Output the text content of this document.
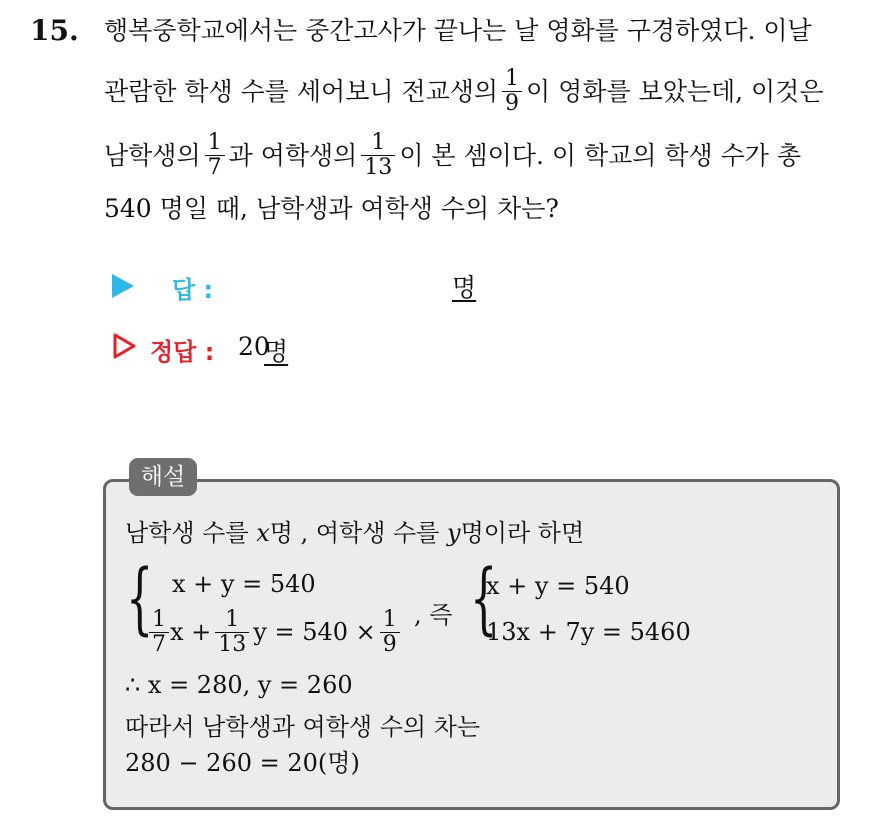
15. 행복중학교에서는 중간고사가 끝나는 날 영화를 구경하였다. 이날
관람한 학생 수를 세어보니 전교생의 $\frac{1}{9}$ 이 영화를 보았는데, 이것은
남학생의 $\frac{1}{7}$ 과 여학생의 $\frac{1}{13}$ 이 본 셈이다. 이 학교의 학생 수가 총
540 명일 때, 남학생과 여학생 수의 차는?
답 :	명
정답 : 20
명
해설
남학생 수를 x명 , 여학생 수를 y명이라 하면
{ x + y = 540
$\frac{1}{7}$ $x + \frac{1}{13}$ $y = 540 \times \frac{1}{9}$ , 즉 {
x + y = 540
13x + 7y = 5460
∴ x = 280, y = 260
따라서 남학생과 여학생 수의 차는
280 − 260 = 20(명)
